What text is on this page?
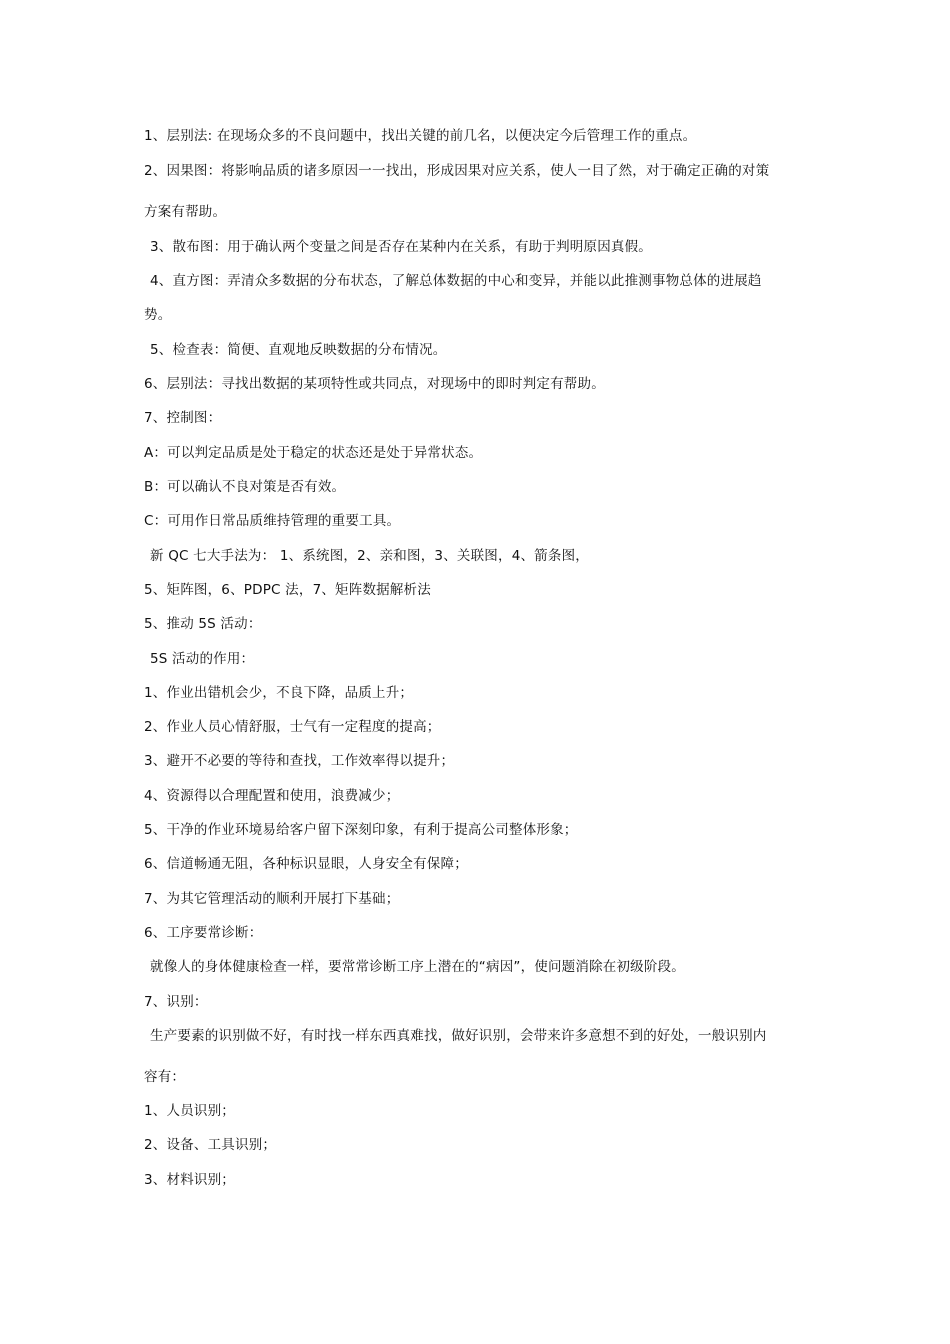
1、层别法: 在现场众多的不良问题中，找出关键的前几名，以便决定今后管理工作的重点。
2、因果图：将影响品质的诸多原因一一找出，形成因果对应关系，使人一目了然，对于确定正确的对策
方案有帮助。
3、散布图：用于确认两个变量之间是否存在某种内在关系，有助于判明原因真假。
4、直方图：弄清众多数据的分布状态，了解总体数据的中心和变异，并能以此推测事物总体的进展趋
势。
5、检查表：简便、直观地反映数据的分布情况。
6、层别法：寻找出数据的某项特性或共同点，对现场中的即时判定有帮助。
7、控制图：
A：可以判定品质是处于稳定的状态还是处于异常状态。
B：可以确认不良对策是否有效。
C：可用作日常品质维持管理的重要工具。
新 QC 七大手法为： 1、系统图，2、亲和图，3、关联图，4、箭条图，
5、矩阵图，6、PDPC 法，7、矩阵数据解析法
5、推动 5S 活动：
5S 活动的作用：
1、作业出错机会少，不良下降，品质上升；
2、作业人员心情舒服，士气有一定程度的提高；
3、避开不必要的等待和查找，工作效率得以提升；
4、资源得以合理配置和使用，浪费减少；
5、干净的作业环境易给客户留下深刻印象，有利于提高公司整体形象；
6、信道畅通无阻，各种标识显眼，人身安全有保障；
7、为其它管理活动的顺利开展打下基础；
6、工序要常诊断：
就像人的身体健康检查一样，要常常诊断工序上潜在的“病因”，使问题消除在初级阶段。
7、识别：
生产要素的识别做不好，有时找一样东西真难找，做好识别，会带来许多意想不到的好处，一般识别内
容有：
1、人员识别；
2、设备、工具识别；
3、材料识别；
